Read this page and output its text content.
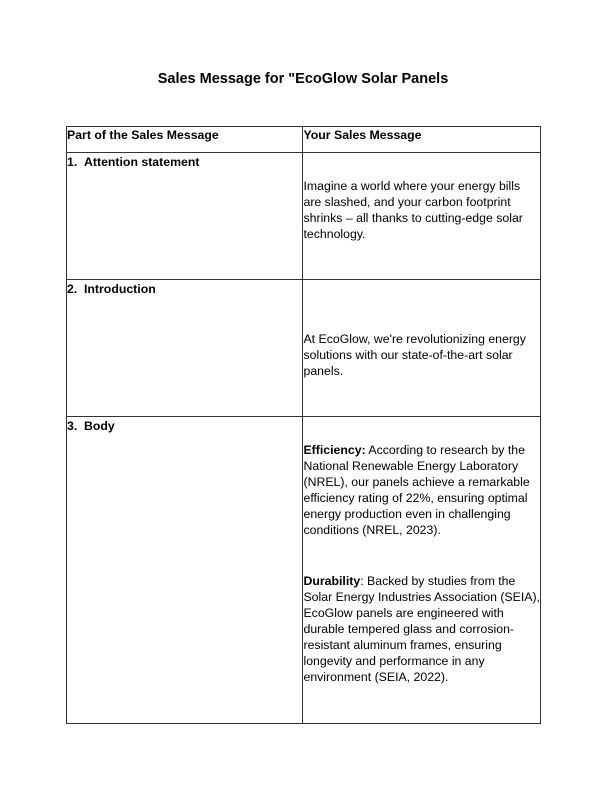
Sales Message for "EcoGlow Solar Panels
Part of the Sales Message	Your Sales Message

1. Attention statement	Imagine a world where your energy bills are slashed, and your carbon footprint shrinks – all thanks to cutting-edge solar technology.

2. Introduction	At EcoGlow, we're revolutionizing energy solutions with our state-of-the-art solar panels.

3. Body	Efficiency: According to research by the National Renewable Energy Laboratory (NREL), our panels achieve a remarkable efficiency rating of 22%, ensuring optimal energy production even in challenging conditions (NREL, 2023).
Durability: Backed by studies from the Solar Energy Industries Association (SEIA), EcoGlow panels are engineered with durable tempered glass and corrosion-resistant aluminum frames, ensuring longevity and performance in any environment (SEIA, 2022).
